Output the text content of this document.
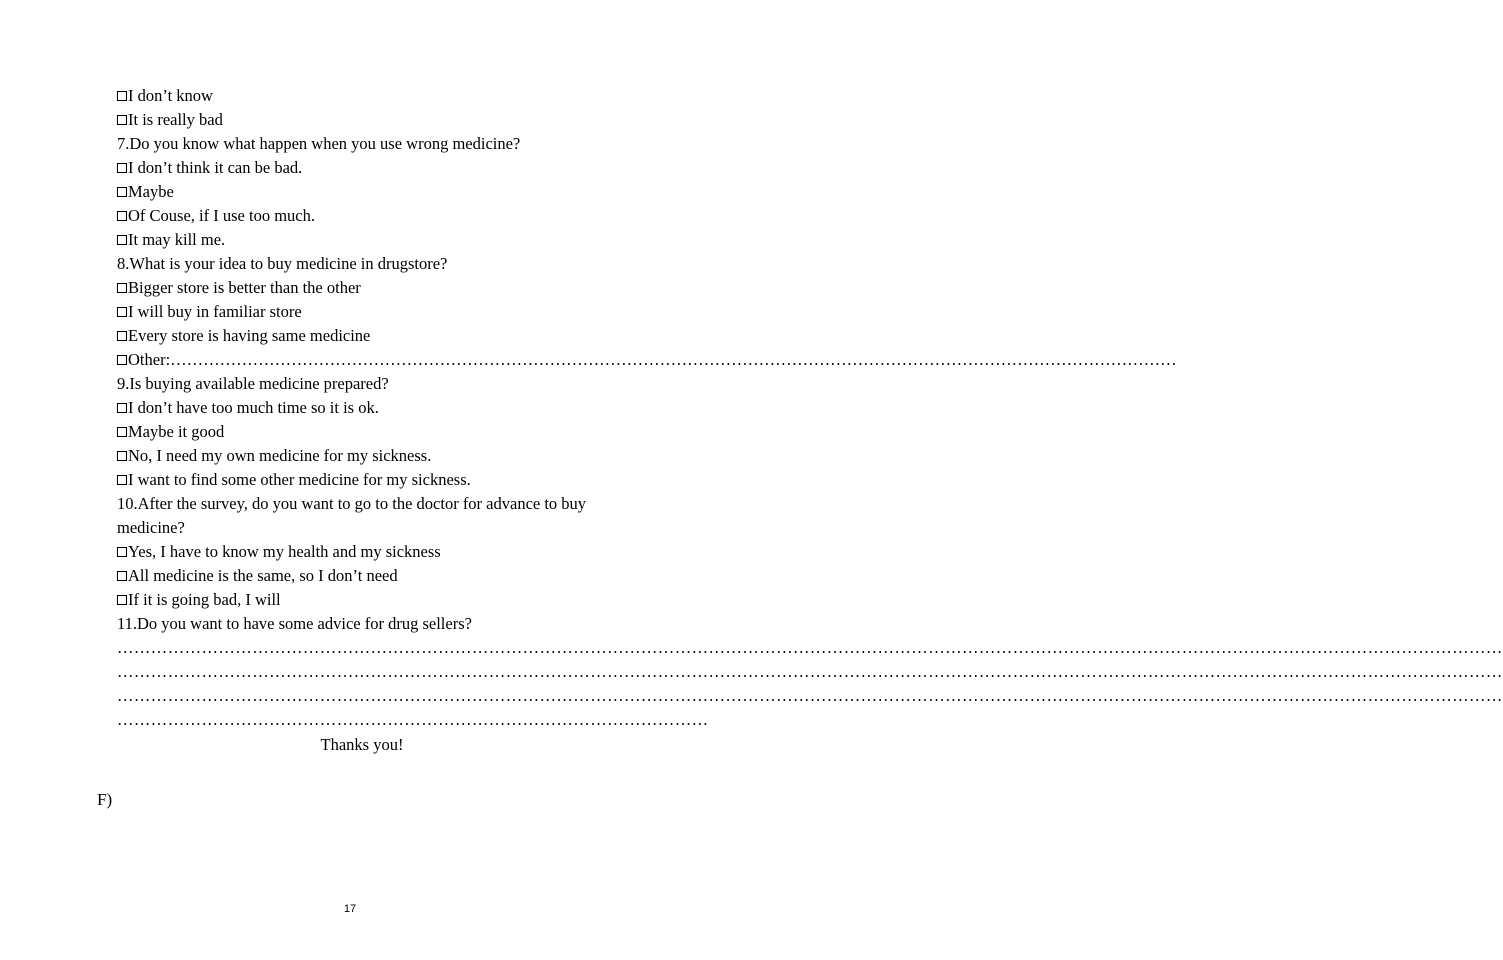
I don’t know
It is really bad
7.Do you know what happen when you use wrong medicine?
I don’t think it can be bad.
Maybe
Of Couse, if I use too much.
It may kill me.
8.What is your idea to buy medicine in drugstore?
Bigger store is better than the other
I will buy in familiar store
Every store is having same medicine
Other:…………………………………………………………………………………………………………………………………………………………………
9.Is buying available medicine prepared?
I don’t have too much time so it is ok.
Maybe it good
No, I need my own medicine for my sickness.
I want to find some other medicine for my sickness.
10.After the survey, do you want to go to the doctor for advance to buy medicine?
Yes, I have to know my health and my sickness
All medicine is the same, so I don’t need
If it is going bad, I will
11.Do you want to have some advice for drug sellers?
…………………………………………………………………………………………………………………………………………………………………………………………………………………………
…………………………………………………………………………………………………………………………………………………………………………………………………………………………
…………………………………………………………………………………………………………………………………………………………………………………………………………………………
……………………………………………………………………………………………
Thanks you!
F)
17
